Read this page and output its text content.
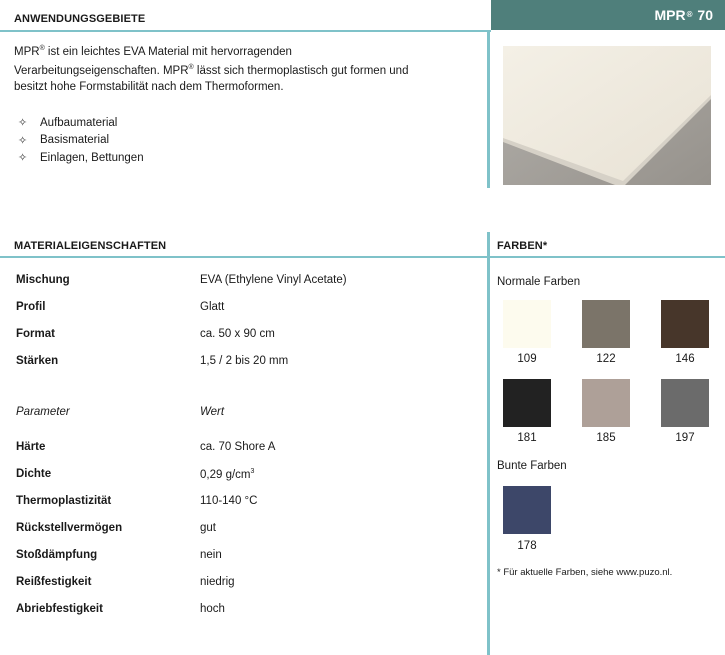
ANWENDUNGSGEBIETE	MPR®
70
MPR® ist ein leichtes EVA Material mit hervorragenden
Verarbeitungseigenschaften. MPR® lässt sich thermoplastisch gut formen und
besitzt hohe Formstabilität nach dem Thermoformen.
✧	Aufbaumaterial
✧	Basismaterial
✧	Einlagen, Bettungen
MATERIALEIGENSCHAFTEN	FARBEN*
Mischung	EVA (Ethylene Vinyl Acetate)
Profil	Glatt
Format	ca. 50 x 90 cm
Stärken	1,5 / 2 bis 20 mm
Parameter	Wert
Härte	ca. 70 Shore A
Dichte	0,29 $g/cm^3$
Thermoplastizität	110-140 °C
Rückstellvermögen	gut
Stoßdämpfung	nein
Reißfestigkeit	niedrig
Abriebfestigkeit	hoch
Normale Farben
109	122	146
181	185	197
Bunte Farben
178
* Für aktuelle Farben, siehe www.puzo.nl.
